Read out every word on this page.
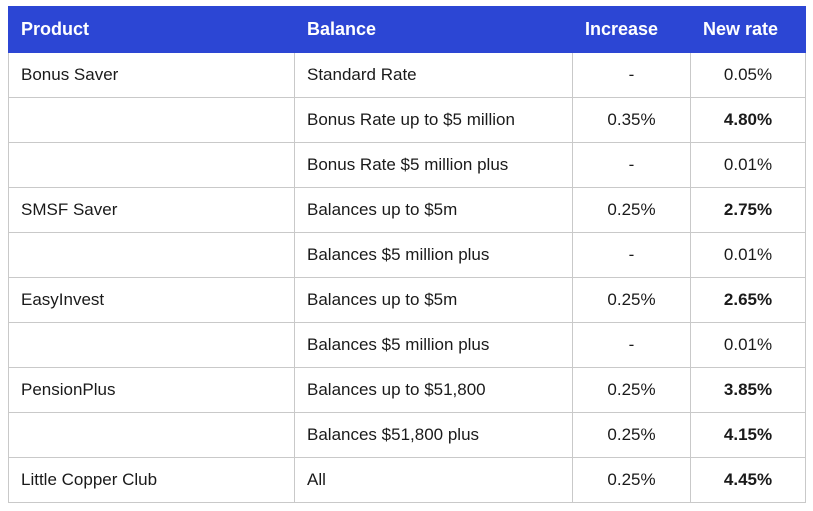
Product	Balance	Increase	New rate
Bonus Saver	Standard Rate	-	0.05%
	Bonus Rate up to $5 million	0.35%	4.80%
	Bonus Rate $5 million plus	-	0.01%
SMSF Saver	Balances up to $5m	0.25%	2.75%
	Balances $5 million plus	-	0.01%
EasyInvest	Balances up to $5m	0.25%	2.65%
	Balances $5 million plus	-	0.01%
PensionPlus	Balances up to $51,800	0.25%	3.85%
	Balances $51,800 plus	0.25%	4.15%
Little Copper Club	All	0.25%	4.45%
